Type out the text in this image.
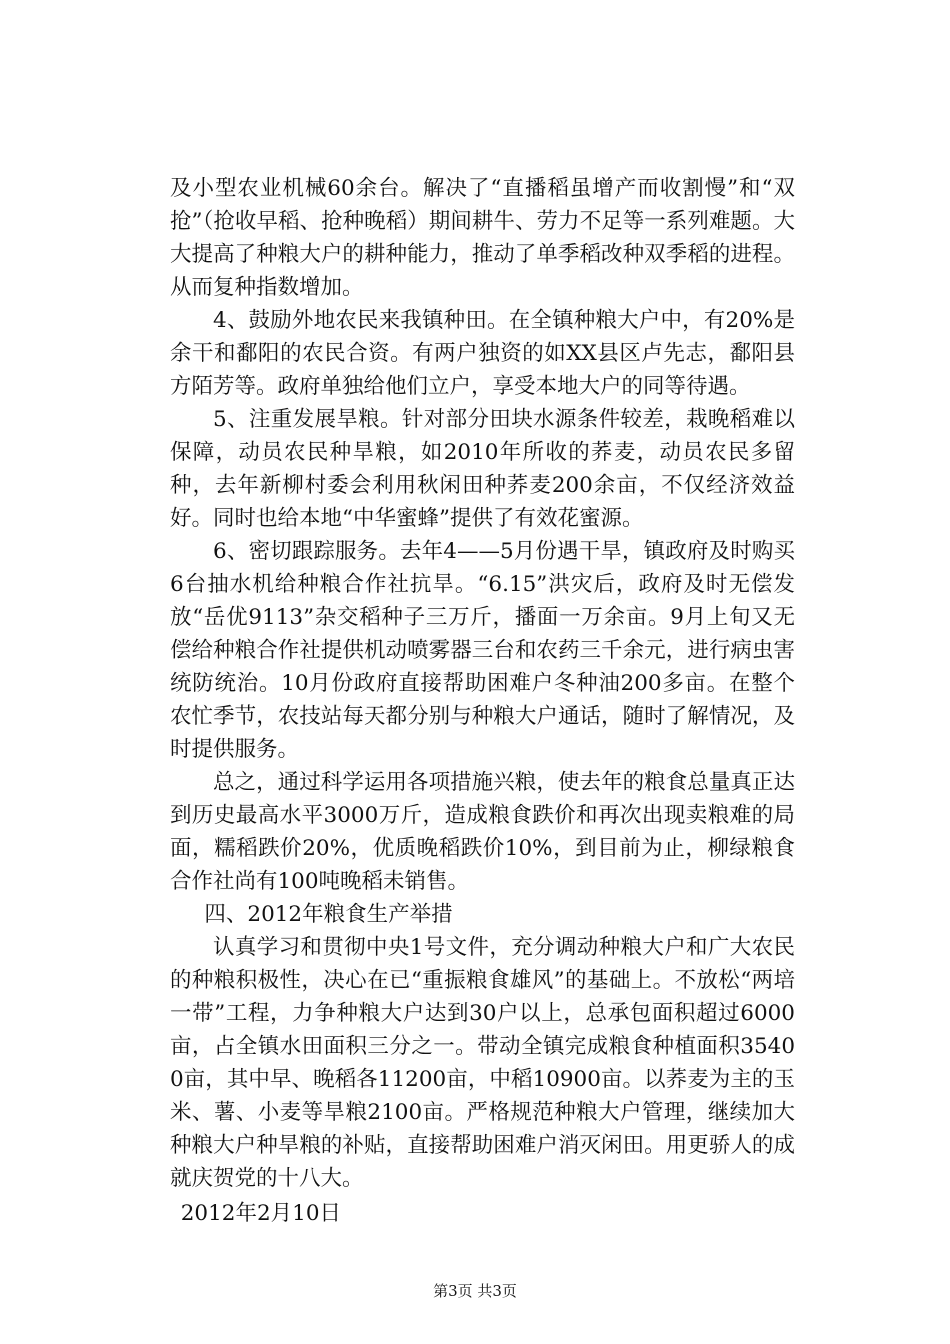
及小型农业机械60余台。解决了“直播稻虽增产而收割慢”和“双抢”（抢收早稻、抢种晚稻）期间耕牛、劳力不足等一系列难题。大大提高了种粮大户的耕种能力，推动了单季稻改种双季稻的进程。从而复种指数增加。

4、鼓励外地农民来我镇种田。在全镇种粮大户中，有20%是余干和鄱阳的农民合资。有两户独资的如XX县区卢先志，鄱阳县方陌芳等。政府单独给他们立户，享受本地大户的同等待遇。

5、注重发展旱粮。针对部分田块水源条件较差，栽晚稻难以保障，动员农民种旱粮，如2010年所收的荞麦，动员农民多留种，去年新柳村委会利用秋闲田种荞麦200余亩，不仅经济效益好。同时也给本地“中华蜜蜂”提供了有效花蜜源。

6、密切跟踪服务。去年4——5月份遇干旱，镇政府及时购买6台抽水机给种粮合作社抗旱。“6.15”洪灾后，政府及时无偿发放“岳优9113”杂交稻种子三万斤，播面一万余亩。9月上旬又无偿给种粮合作社提供机动喷雾器三台和农药三千余元，进行病虫害统防统治。10月份政府直接帮助困难户冬种油200多亩。在整个农忙季节，农技站每天都分别与种粮大户通话，随时了解情况，及时提供服务。

总之，通过科学运用各项措施兴粮，使去年的粮食总量真正达到历史最高水平3000万斤，造成粮食跌价和再次出现卖粮难的局面，糯稻跌价20%，优质晚稻跌价10%，到目前为止，柳绿粮食合作社尚有100吨晚稻未销售。

四、2012年粮食生产举措

认真学习和贯彻中央1号文件，充分调动种粮大户和广大农民的种粮积极性，决心在已“重振粮食雄风”的基础上。不放松“两培一带”工程，力争种粮大户达到30户以上，总承包面积超过6000亩，占全镇水田面积三分之一。带动全镇完成粮食种植面积35400亩，其中早、晚稻各11200亩，中稻10900亩。以荞麦为主的玉米、薯、小麦等旱粮2100亩。严格规范种粮大户管理，继续加大种粮大户种旱粮的补贴，直接帮助困难户消灭闲田。用更骄人的成就庆贺党的十八大。

2012年2月10日

第3页 共3页
